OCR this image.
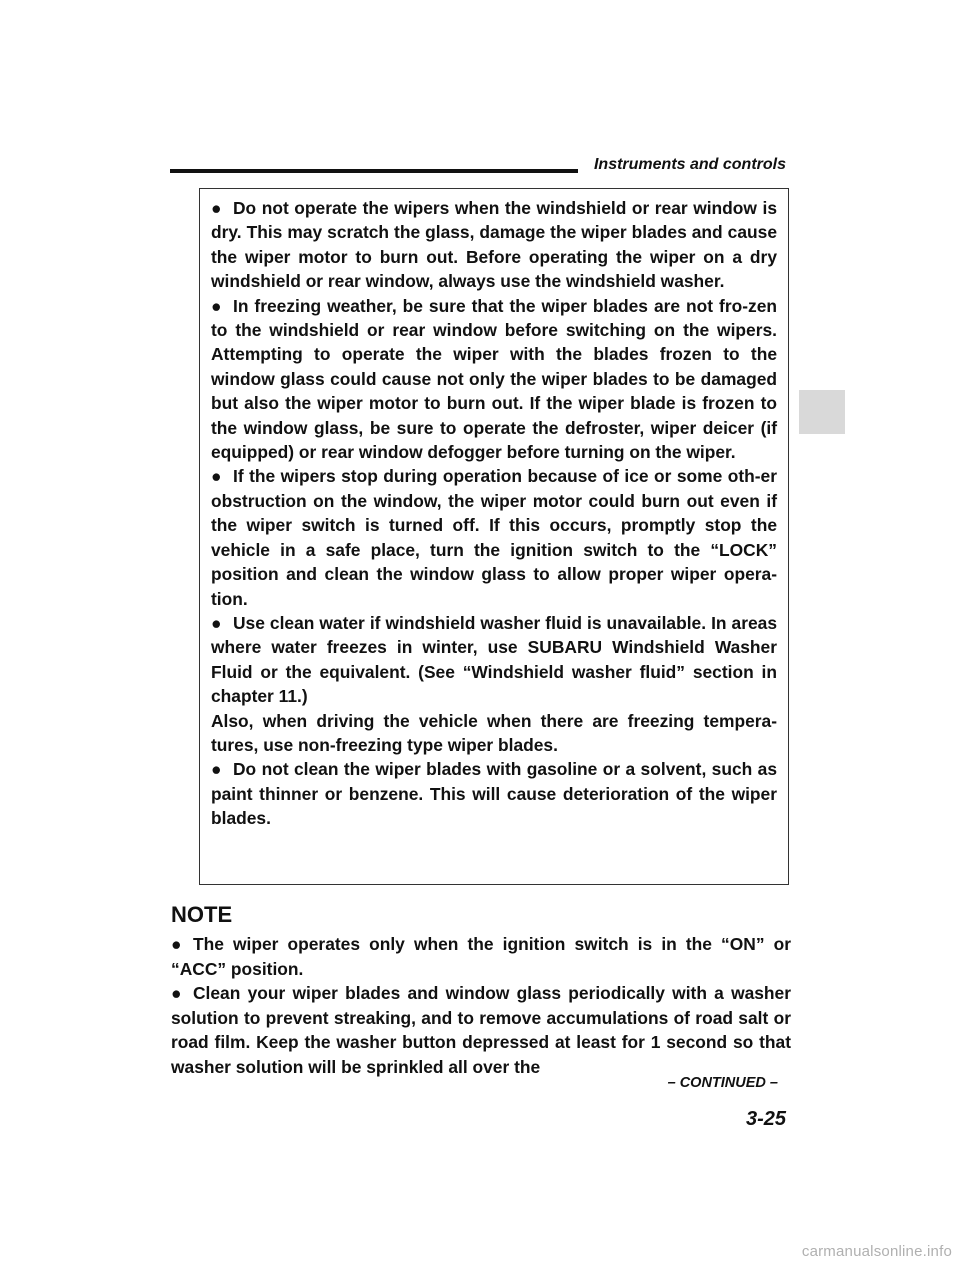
Instruments and controls

● Do not operate the wipers when the windshield or rear window is dry. This may scratch the glass, damage the wiper blades and cause the wiper motor to burn out. Before operating the wiper on a dry windshield or rear window, always use the windshield washer.

● In freezing weather, be sure that the wiper blades are not fro-zen to the windshield or rear window before switching on the wipers. Attempting to operate the wiper with the blades frozen to the window glass could cause not only the wiper blades to be damaged but also the wiper motor to burn out. If the wiper blade is frozen to the window glass, be sure to operate the defroster, wiper deicer (if equipped) or rear window defogger before turning on the wiper.

● If the wipers stop during operation because of ice or some oth-er obstruction on the window, the wiper motor could burn out even if the wiper switch is turned off. If this occurs, promptly stop the vehicle in a safe place, turn the ignition switch to the “LOCK” position and clean the window glass to allow proper wiper opera-tion.

● Use clean water if windshield washer fluid is unavailable. In areas where water freezes in winter, use SUBARU Windshield Washer Fluid or the equivalent. (See “Windshield washer fluid” section in chapter 11.)

Also, when driving the vehicle when there are freezing tempera-tures, use non-freezing type wiper blades.

● Do not clean the wiper blades with gasoline or a solvent, such as paint thinner or benzene. This will cause deterioration of the wiper blades.

NOTE

● The wiper operates only when the ignition switch is in the “ON” or “ACC” position.

● Clean your wiper blades and window glass periodically with a washer solution to prevent streaking, and to remove accumulations of road salt or road film. Keep the washer button depressed at least for 1 second so that washer solution will be sprinkled all over the

– CONTINUED –
3-25
carmanualsonline.info
